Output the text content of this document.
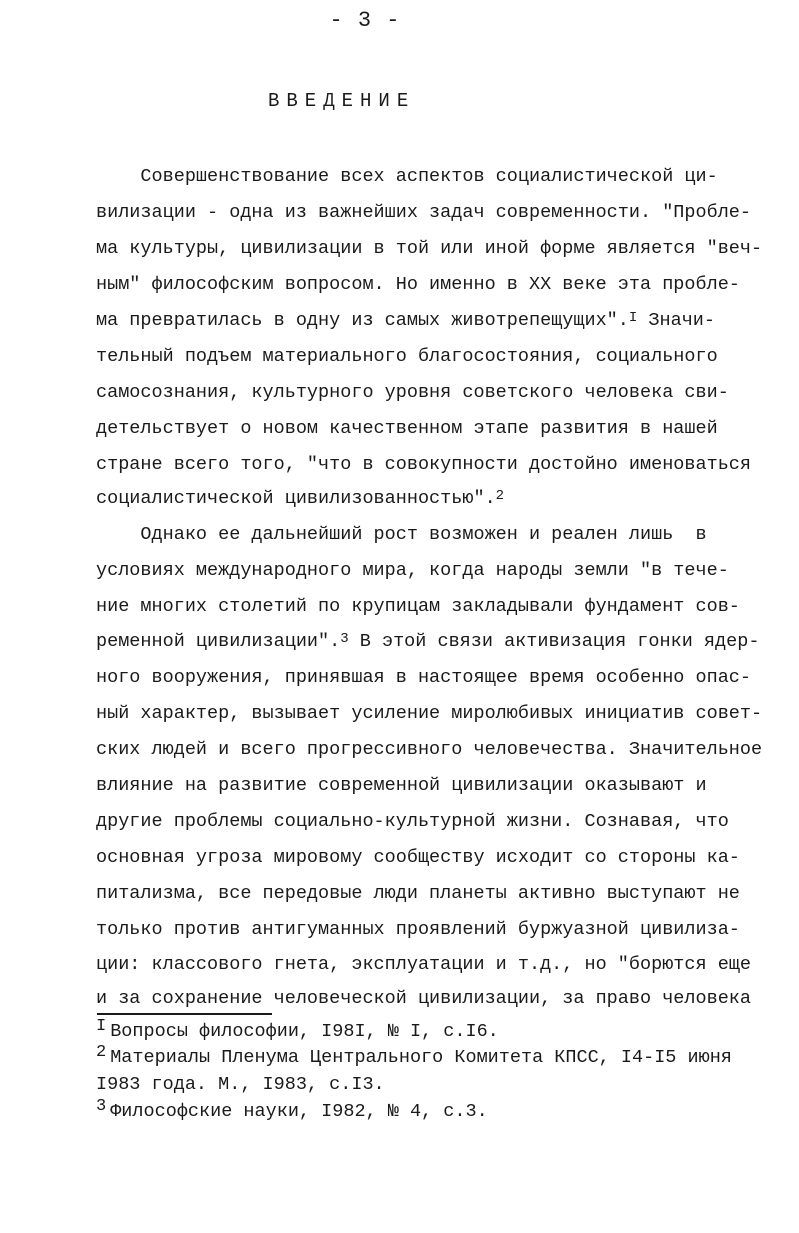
- 3 -
ВВЕДЕНИЕ
Совершенствование всех аспектов социалистической ци-
вилизации - одна из важнейших задач современности. "Пробле-
ма культуры, цивилизации в той или иной форме является "веч-
ным" философским вопросом. Но именно в XX веке эта пробле-
ма превратилась в одну из самых животрепещущих".$^I$ Значи-
тельный подъем материального благосостояния, социального
самосознания, культурного уровня советского человека сви-
детельствует о новом качественном этапе развития в нашей
стране всего того, "что в совокупности достойно именоваться
социалистической цивилизованностью".$^2$
Однако ее дальнейший рост возможен и реален лишь  в
условиях международного мира, когда народы земли "в тече-
ние многих столетий по крупицам закладывали фундамент сов-
ременной цивилизации".$^3$ В этой связи активизация гонки ядер-
ного вооружения, принявшая в настоящее время особенно опас-
ный характер, вызывает усиление миролюбивых инициатив совет-
ских людей и всего прогрессивного человечества. Значительное
влияние на развитие современной цивилизации оказывают и
другие проблемы социально-культурной жизни. Сознавая, что
основная угроза мировому сообществу исходит со стороны ка-
питализма, все передовые люди планеты активно выступают не
только против антигуманных проявлений буржуазной цивилиза-
ции: классового гнета, эксплуатации и т.д., но "борются еще
и за сохранение человеческой цивилизации, за право человека
I Вопросы философии, I98I, № I, с.I6.
2 Материалы Пленума Центрального Комитета КПСС, I4-I5 июня
I983 года. М., I983, с.I3.
3 Философские науки, I982, № 4, с.3.
